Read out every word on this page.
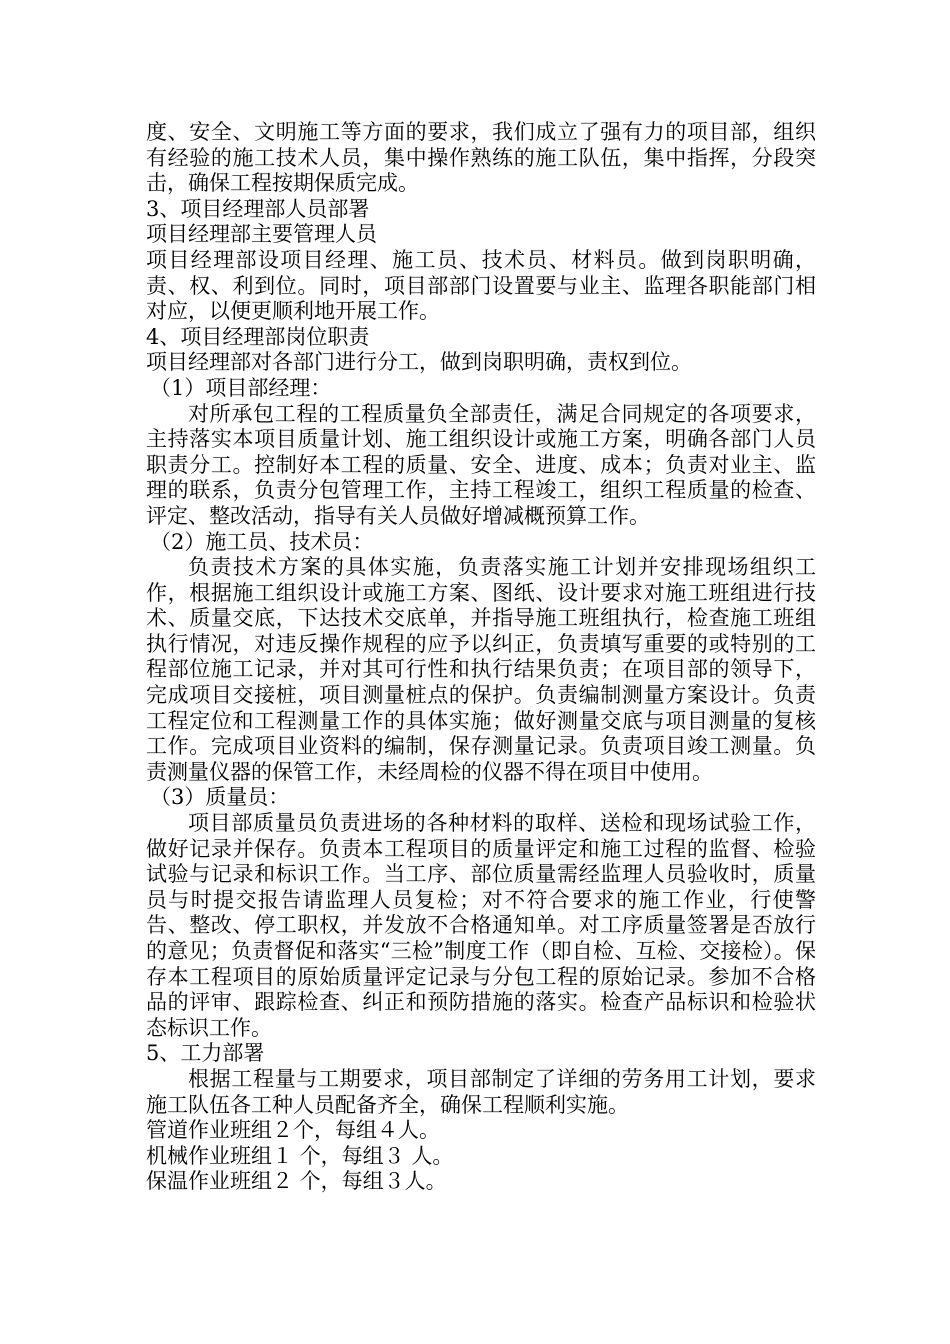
度、安全、文明施工等方面的要求，我们成立了强有力的项目部，组织有经验的施工技术人员，集中操作熟练的施工队伍，集中指挥，分段突击，确保工程按期保质完成。
3、项目经理部人员部署
项目经理部主要管理人员
项目经理部设项目经理、施工员、技术员、材料员。做到岗职明确，责、权、利到位。同时，项目部部门设置要与业主、监理各职能部门相对应，以便更顺利地开展工作。
4、项目经理部岗位职责
项目经理部对各部门进行分工，做到岗职明确，责权到位。
（1）项目部经理：
对所承包工程的工程质量负全部责任，满足合同规定的各项要求，主持落实本项目质量计划、施工组织设计或施工方案，明确各部门人员职责分工。控制好本工程的质量、安全、进度、成本；负责对业主、监理的联系，负责分包管理工作，主持工程竣工，组织工程质量的检查、评定、整改活动，指导有关人员做好增减概预算工作。
（2）施工员、技术员：
负责技术方案的具体实施，负责落实施工计划并安排现场组织工作，根据施工组织设计或施工方案、图纸、设计要求对施工班组进行技术、质量交底，下达技术交底单，并指导施工班组执行，检查施工班组执行情况，对违反操作规程的应予以纠正，负责填写重要的或特别的工程部位施工记录，并对其可行性和执行结果负责；在项目部的领导下，完成项目交接桩，项目测量桩点的保护。负责编制测量方案设计。负责工程定位和工程测量工作的具体实施；做好测量交底与项目测量的复核工作。完成项目业资料的编制，保存测量记录。负责项目竣工测量。负责测量仪器的保管工作，未经周检的仪器不得在项目中使用。
（3）质量员：
项目部质量员负责进场的各种材料的取样、送检和现场试验工作，做好记录并保存。负责本工程项目的质量评定和施工过程的监督、检验试验与记录和标识工作。当工序、部位质量需经监理人员验收时，质量员与时提交报告请监理人员复检；对不符合要求的施工作业，行使警告、整改、停工职权，并发放不合格通知单。对工序质量签署是否放行的意见；负责督促和落实“三检”制度工作（即自检、互检、交接检）。保存本工程项目的原始质量评定记录与分包工程的原始记录。参加不合格品的评审、跟踪检查、纠正和预防措施的落实。检查产品标识和检验状态标识工作。
5、工力部署
根据工程量与工期要求，项目部制定了详细的劳务用工计划，要求施工队伍各工种人员配备齐全，确保工程顺利实施。
管道作业班组２个，每组４人。
机械作业班组１ 个，每组３ 人。
保温作业班组２ 个，每组３人。
